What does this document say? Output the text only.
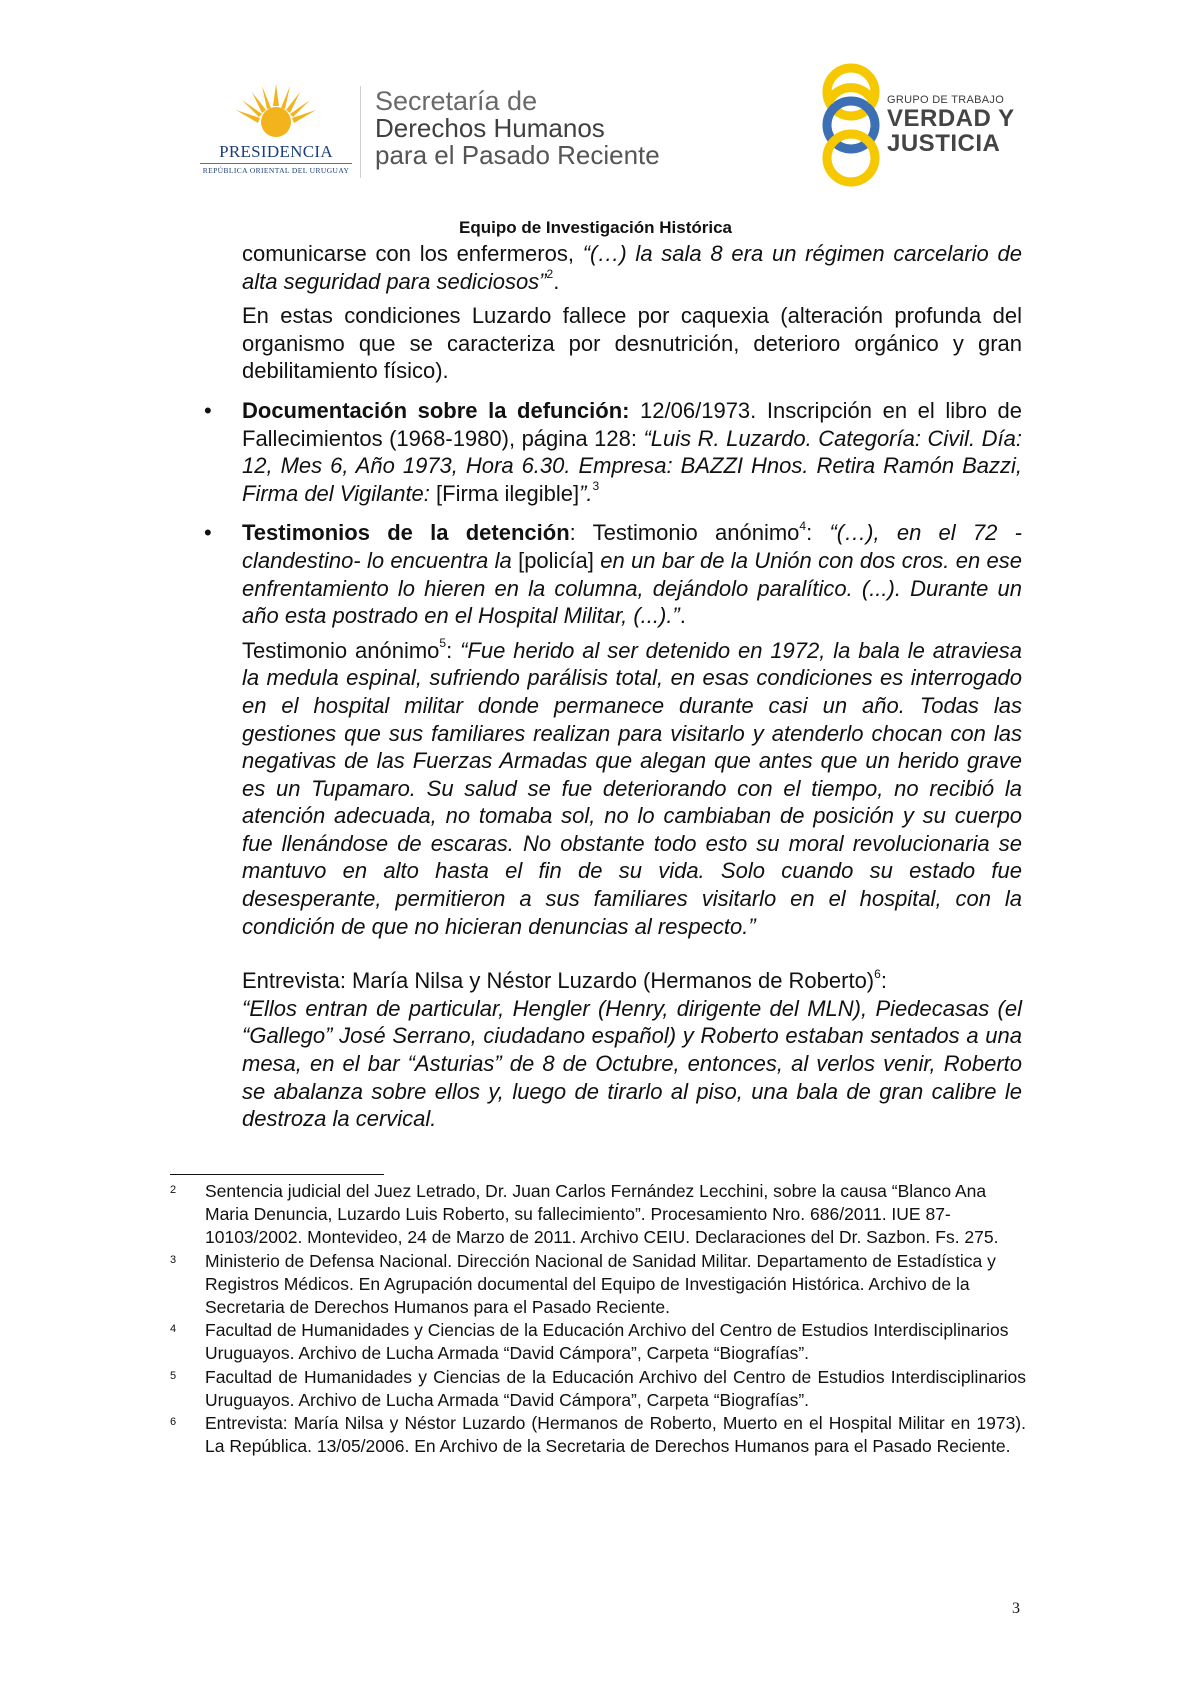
PRESIDENCIA
REPÚBLICA ORIENTAL DEL URUGUAY
Secretaría de
Derechos Humanos
para el Pasado Reciente
GRUPO DE TRABAJO
VERDAD Y
JUSTICIA
Equipo de Investigación Histórica

comunicarse con los enfermeros, “(…) la sala 8 era un régimen carcelario de alta seguridad para sediciosos”$^2$.

En estas condiciones Luzardo fallece por caquexia (alteración profunda del organismo que se caracteriza por desnutrición, deterioro orgánico y gran debilitamiento físico).

• Documentación sobre la defunción: 12/06/1973. Inscripción en el libro de Fallecimientos (1968-1980), página 128: “Luis R. Luzardo. Categoría: Civil. Día: 12, Mes 6, Año 1973, Hora 6.30. Empresa: BAZZI Hnos. Retira Ramón Bazzi, Firma del Vigilante: [Firma ilegible]”.$^3$

• Testimonios de la detención: Testimonio anónimo$^4$: “(…), en el 72 -clandestino- lo encuentra la [policía] en un bar de la Unión con dos cros. en ese enfrentamiento lo hieren en la columna, dejándolo paralítico. (...). Durante un año esta postrado en el Hospital Militar, (...).”.

Testimonio anónimo$^5$: “Fue herido al ser detenido en 1972, la bala le atraviesa la medula espinal, sufriendo parálisis total, en esas condiciones es interrogado en el hospital militar donde permanece durante casi un año. Todas las gestiones que sus familiares realizan para visitarlo y atenderlo chocan con las negativas de las Fuerzas Armadas que alegan que antes que un herido grave es un Tupamaro. Su salud se fue deteriorando con el tiempo, no recibió la atención adecuada, no tomaba sol, no lo cambiaban de posición y su cuerpo fue llenándose de escaras. No obstante todo esto su moral revolucionaria se mantuvo en alto hasta el fin de su vida. Solo cuando su estado fue desesperante, permitieron a sus familiares visitarlo en el hospital, con la condición de que no hicieran denuncias al respecto.”

Entrevista: María Nilsa y Néstor Luzardo (Hermanos de Roberto)$^6$:

“Ellos entran de particular, Hengler (Henry, dirigente del MLN), Piedecasas (el “Gallego” José Serrano, ciudadano español) y Roberto estaban sentados a una mesa, en el bar “Asturias” de 8 de Octubre, entonces, al verlos venir, Roberto se abalanza sobre ellos y, luego de tirarlo al piso, una bala de gran calibre le destroza la cervical.

2 Sentencia judicial del Juez Letrado, Dr. Juan Carlos Fernández Lecchini, sobre la causa “Blanco Ana Maria Denuncia, Luzardo Luis Roberto, su fallecimiento”. Procesamiento Nro. 686/2011. IUE 87-10103/2002. Montevideo, 24 de Marzo de 2011. Archivo CEIU. Declaraciones del Dr. Sazbon. Fs. 275.
3 Ministerio de Defensa Nacional. Dirección Nacional de Sanidad Militar. Departamento de Estadística y Registros Médicos. En Agrupación documental del Equipo de Investigación Histórica. Archivo de la Secretaria de Derechos Humanos para el Pasado Reciente.
4 Facultad de Humanidades y Ciencias de la Educación Archivo del Centro de Estudios Interdisciplinarios Uruguayos. Archivo de Lucha Armada “David Cámpora”, Carpeta “Biografías”.
5 Facultad de Humanidades y Ciencias de la Educación Archivo del Centro de Estudios Interdisciplinarios Uruguayos. Archivo de Lucha Armada “David Cámpora”, Carpeta “Biografías”.
6 Entrevista: María Nilsa y Néstor Luzardo (Hermanos de Roberto, Muerto en el Hospital Militar en 1973). La República. 13/05/2006. En Archivo de la Secretaria de Derechos Humanos para el Pasado Reciente.
3
